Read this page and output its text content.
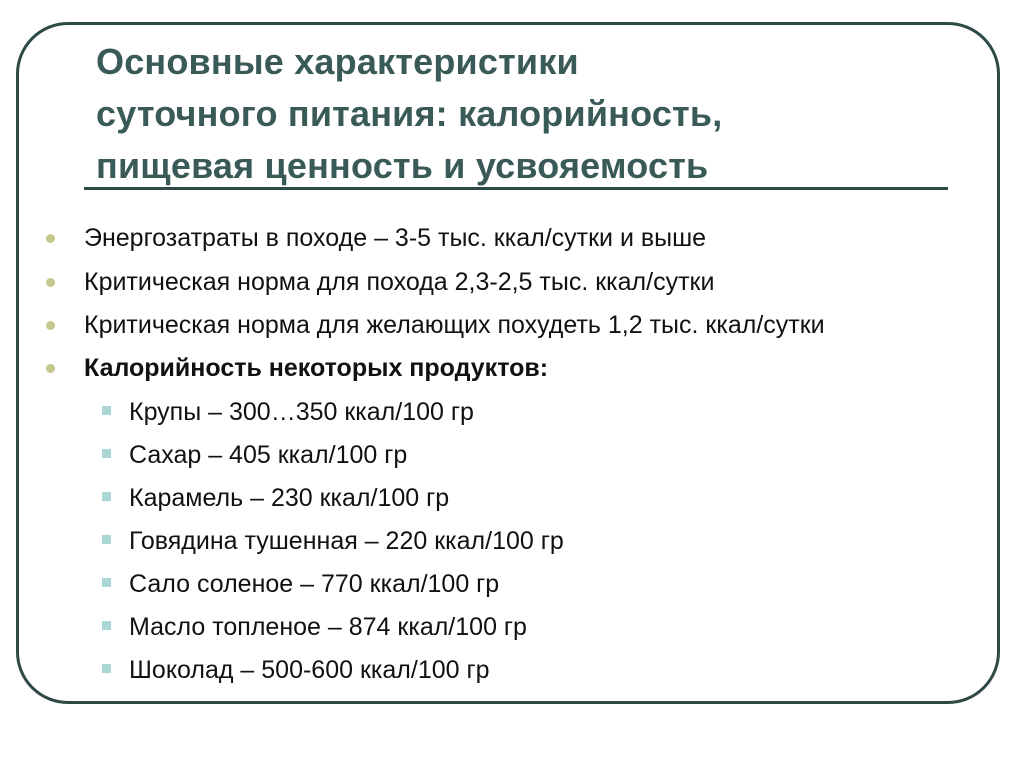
Основные характеристики
суточного питания: калорийность,
пищевая ценность и усвояемость
Энергозатраты в походе – 3-5 тыс. ккал/сутки и выше
Критическая норма для похода 2,3-2,5 тыс. ккал/сутки
Критическая норма для желающих похудеть 1,2 тыс. ккал/сутки
Калорийность некоторых продуктов:
Крупы – 300…350 ккал/100 гр
Сахар – 405 ккал/100 гр
Карамель – 230 ккал/100 гр
Говядина тушенная – 220 ккал/100 гр
Сало соленое – 770 ккал/100 гр
Масло топленое – 874 ккал/100 гр
Шоколад – 500-600 ккал/100 гр
